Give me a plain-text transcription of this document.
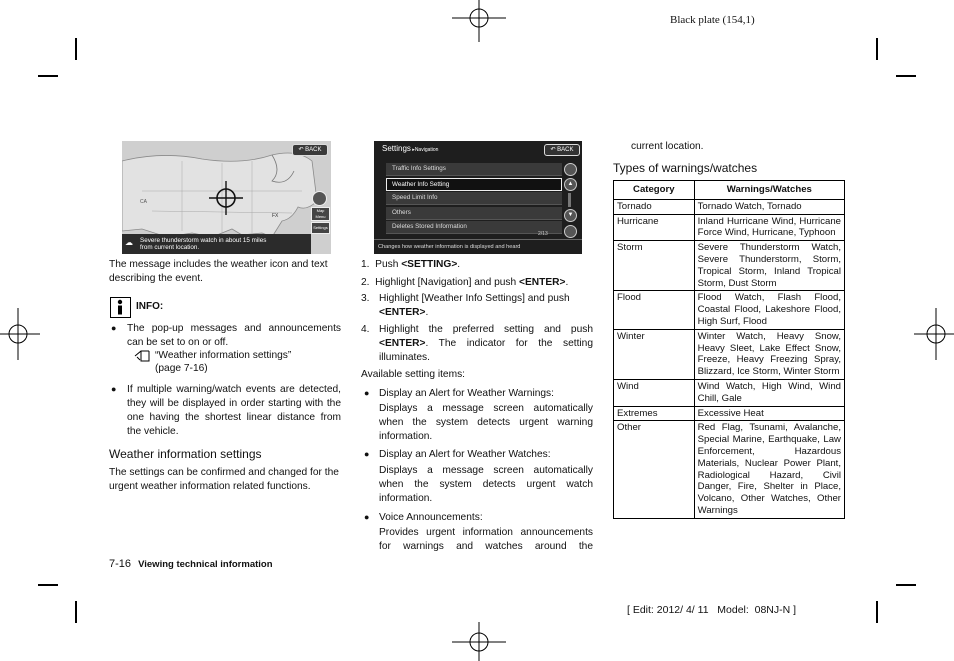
Black plate (154,1)
CA
FX
↶ BACK
Map Menu
Settings
☁ Severe thunderstorm watch in about 15 miles
from current location.
The message includes the weather icon and text describing the event.
INFO:
● The pop-up messages and announcements can be set to on or off.
“Weather information settings”
(page 7-16)
● If multiple warning/watch events are detected, they will be displayed in order starting with the one having the shortest linear distance from the vehicle.
Weather information settings
The settings can be confirmed and changed for the urgent weather information related functions.
7-16 Viewing technical information
Settings ▸Navigation	↶ BACK
Traffic Info Settings
Weather Info Setting
Speed Limit Info
Others
Deletes Stored Information
▲
▼
2/13
Changes how weather information is displayed and heard
1. Push <SETTING>.
2. Highlight [Navigation] and push <ENTER>.
3. Highlight [Weather Info Settings] and push
<ENTER>.
4. Highlight the preferred setting and push <ENTER>. The indicator for the setting illuminates.
Available setting items:
● Display an Alert for Weather Warnings:
Displays a message screen automatically when the system detects urgent warning information.
● Display an Alert for Weather Watches:
Displays a message screen automatically when the system detects urgent watch information.
● Voice Announcements:
Provides urgent information announcements for warnings and watches around the
current location.
Types of warnings/watches
Category	Warnings/Watches
Tornado	Tornado Watch, Tornado
Hurricane	Inland Hurricane Wind, Hurricane Force Wind, Hurricane, Typhoon
Storm	Severe Thunderstorm Watch, Severe Thunderstorm, Storm, Tropical Storm, Inland Tropical Storm, Dust Storm
Flood	Flood Watch, Flash Flood, Coastal Flood, Lakeshore Flood, High Surf, Flood
Winter	Winter Watch, Heavy Snow, Heavy Sleet, Lake Effect Snow, Freeze, Heavy Freezing Spray, Blizzard, Ice Storm, Winter Storm
Wind	Wind Watch, High Wind, Wind Chill, Gale
Extremes	Excessive Heat
Other	Red Flag, Tsunami, Avalanche, Special Marine, Earthquake, Law Enforcement, Hazardous Materials, Nuclear Power Plant, Radiological Hazard, Civil Danger, Fire, Shelter in Place, Volcano, Other Watches, Other Warnings
[ Edit: 2012/ 4/ 11   Model:  08NJ-N ]
